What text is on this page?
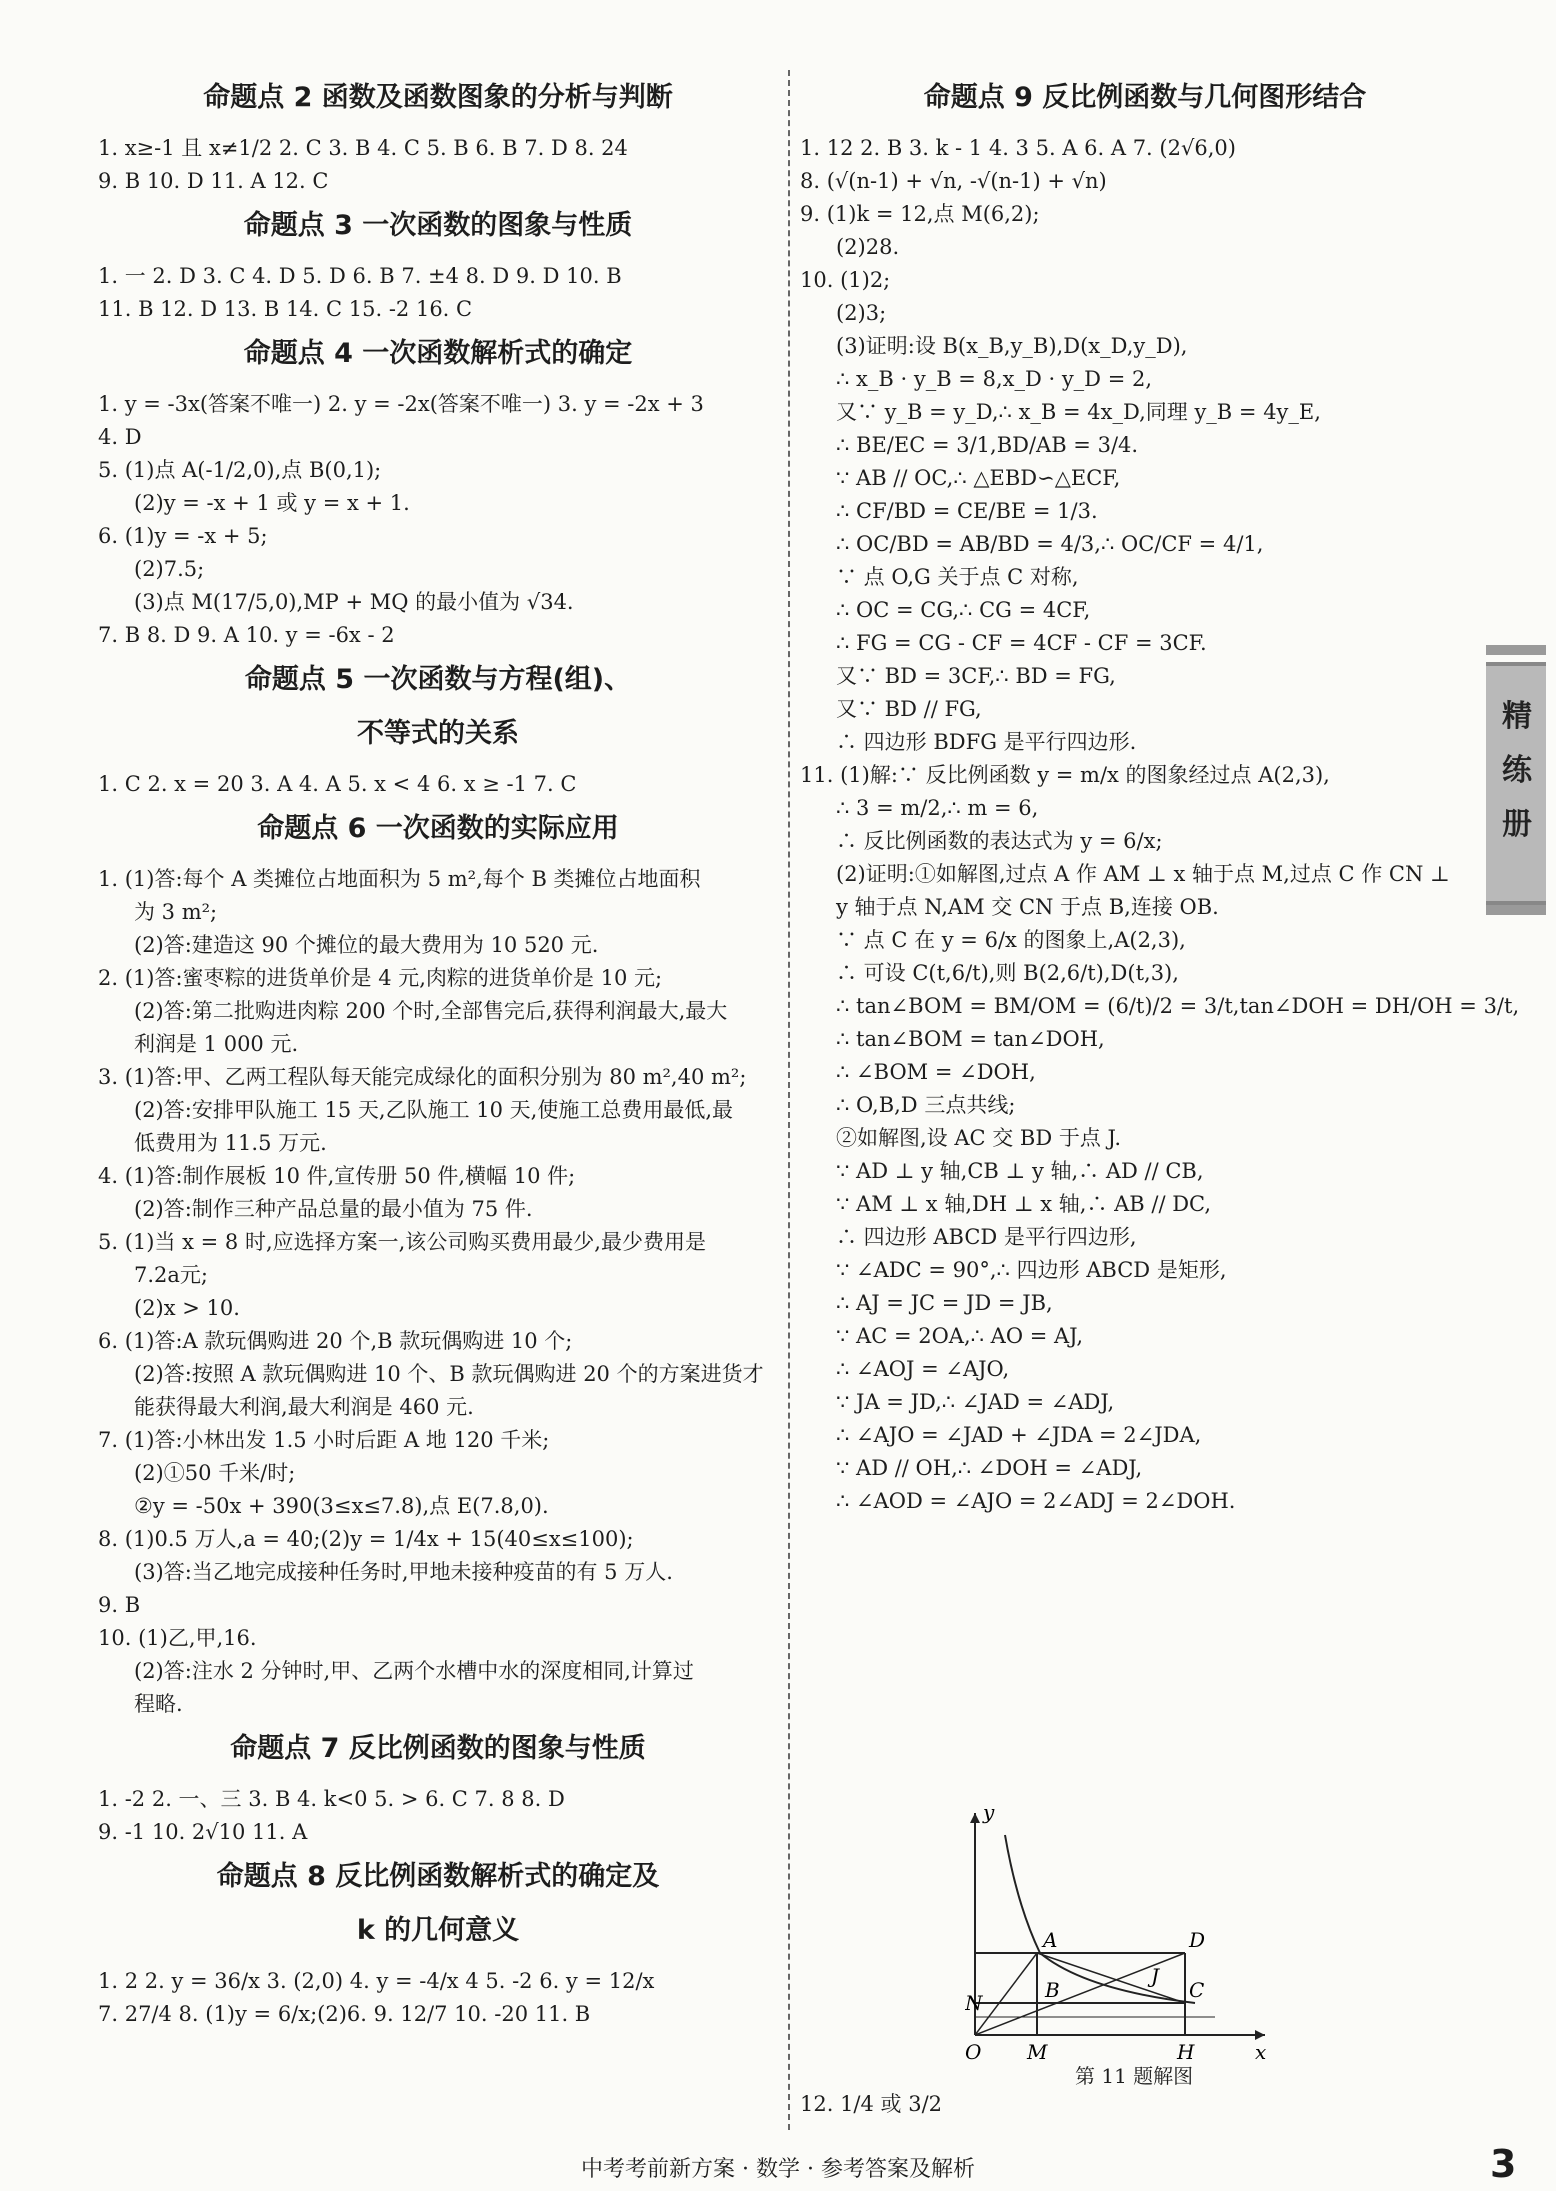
命题点 2 函数及函数图象的分析与判断
1. x≥-1 且 x≠1/2 2. C 3. B 4. C 5. B 6. B 7. D 8. 24
9. B 10. D 11. A 12. C
命题点 3 一次函数的图象与性质
1. 一 2. D 3. C 4. D 5. D 6. B 7. ±4 8. D 9. D 10. B
11. B 12. D 13. B 14. C 15. -2 16. C
命题点 4 一次函数解析式的确定
1. y = -3x(答案不唯一) 2. y = -2x(答案不唯一) 3. y = -2x + 3
4. D
5. (1)点 A(-1/2,0),点 B(0,1);
(2)y = -x + 1 或 y = x + 1.
6. (1)y = -x + 5;
(2)7.5;
(3)点 M(17/5,0),MP + MQ 的最小值为 √34.
7. B 8. D 9. A 10. y = -6x - 2
命题点 5 一次函数与方程(组)、
不等式的关系
1. C 2. x = 20 3. A 4. A 5. x < 4 6. x ≥ -1 7. C
命题点 6 一次函数的实际应用
1. (1)答:每个 A 类摊位占地面积为 5 m²,每个 B 类摊位占地面积
为 3 m²;
(2)答:建造这 90 个摊位的最大费用为 10 520 元.
2. (1)答:蜜枣粽的进货单价是 4 元,肉粽的进货单价是 10 元;
(2)答:第二批购进肉粽 200 个时,全部售完后,获得利润最大,最大
利润是 1 000 元.
3. (1)答:甲、乙两工程队每天能完成绿化的面积分别为 80 m²,40 m²;
(2)答:安排甲队施工 15 天,乙队施工 10 天,使施工总费用最低,最
低费用为 11.5 万元.
4. (1)答:制作展板 10 件,宣传册 50 件,横幅 10 件;
(2)答:制作三种产品总量的最小值为 75 件.
5. (1)当 x = 8 时,应选择方案一,该公司购买费用最少,最少费用是
7.2a元;
(2)x > 10.
6. (1)答:A 款玩偶购进 20 个,B 款玩偶购进 10 个;
(2)答:按照 A 款玩偶购进 10 个、B 款玩偶购进 20 个的方案进货才
能获得最大利润,最大利润是 460 元.
7. (1)答:小林出发 1.5 小时后距 A 地 120 千米;
(2)①50 千米/时;
②y = -50x + 390(3≤x≤7.8),点 E(7.8,0).
8. (1)0.5 万人,a = 40;(2)y = 1/4x + 15(40≤x≤100);
(3)答:当乙地完成接种任务时,甲地未接种疫苗的有 5 万人.
9. B
10. (1)乙,甲,16.
(2)答:注水 2 分钟时,甲、乙两个水槽中水的深度相同,计算过
程略.
命题点 7 反比例函数的图象与性质
1. -2 2. 一、三 3. B 4. k<0 5. > 6. C 7. 8 8. D
9. -1 10. 2√10 11. A
命题点 8 反比例函数解析式的确定及
k 的几何意义
1. 2 2. y = 36/x 3. (2,0) 4. y = -4/x 4 5. -2 6. y = 12/x
7. 27/4 8. (1)y = 6/x;(2)6. 9. 12/7 10. -20 11. B
命题点 9 反比例函数与几何图形结合
1. 12 2. B 3. k - 1 4. 3 5. A 6. A 7. (2√6,0)
8. (√(n-1) + √n, -√(n-1) + √n)
9. (1)k = 12,点 M(6,2);
(2)28.
10. (1)2;
(2)3;
(3)证明:设 B(x_B,y_B),D(x_D,y_D),
∴ x_B · y_B = 8,x_D · y_D = 2,
又∵ y_B = y_D,∴ x_B = 4x_D,同理 y_B = 4y_E,
∴ BE/EC = 3/1,BD/AB = 3/4.
∵ AB // OC,∴ △EBD∽△ECF,
∴ CF/BD = CE/BE = 1/3.
∴ OC/BD = AB/BD = 4/3,∴ OC/CF = 4/1,
∵ 点 O,G 关于点 C 对称,
∴ OC = CG,∴ CG = 4CF,
∴ FG = CG - CF = 4CF - CF = 3CF.
又∵ BD = 3CF,∴ BD = FG,
又∵ BD // FG,
∴ 四边形 BDFG 是平行四边形.
11. (1)解:∵ 反比例函数 y = m/x 的图象经过点 A(2,3),
∴ 3 = m/2,∴ m = 6,
∴ 反比例函数的表达式为 y = 6/x;
(2)证明:①如解图,过点 A 作 AM ⊥ x 轴于点 M,过点 C 作 CN ⊥
y 轴于点 N,AM 交 CN 于点 B,连接 OB.
∵ 点 C 在 y = 6/x 的图象上,A(2,3),
∴ 可设 C(t,6/t),则 B(2,6/t),D(t,3),
∴ tan∠BOM = BM/OM = (6/t)/2 = 3/t,tan∠DOH = DH/OH = 3/t,
∴ tan∠BOM = tan∠DOH,
∴ ∠BOM = ∠DOH,
∴ O,B,D 三点共线;
②如解图,设 AC 交 BD 于点 J.
∵ AD ⊥ y 轴,CB ⊥ y 轴,∴ AD // CB,
∵ AM ⊥ x 轴,DH ⊥ x 轴,∴ AB // DC,
∴ 四边形 ABCD 是平行四边形,
∵ ∠ADC = 90°,∴ 四边形 ABCD 是矩形,
∴ AJ = JC = JD = JB,
∵ AC = 2OA,∴ AO = AJ,
∴ ∠AOJ = ∠AJO,
∵ JA = JD,∴ ∠JAD = ∠ADJ,
∴ ∠AJO = ∠JAD + ∠JDA = 2∠JDA,
∵ AD // OH,∴ ∠DOH = ∠ADJ,
∴ ∠AOD = ∠AJO = 2∠ADJ = 2∠DOH.
y
x
O
A
B	C
D
J
N
M	H
第 11 题解图
12. 1/4 或 3/2
精练册
中考考前新方案 · 数学 · 参考答案及解析	3
